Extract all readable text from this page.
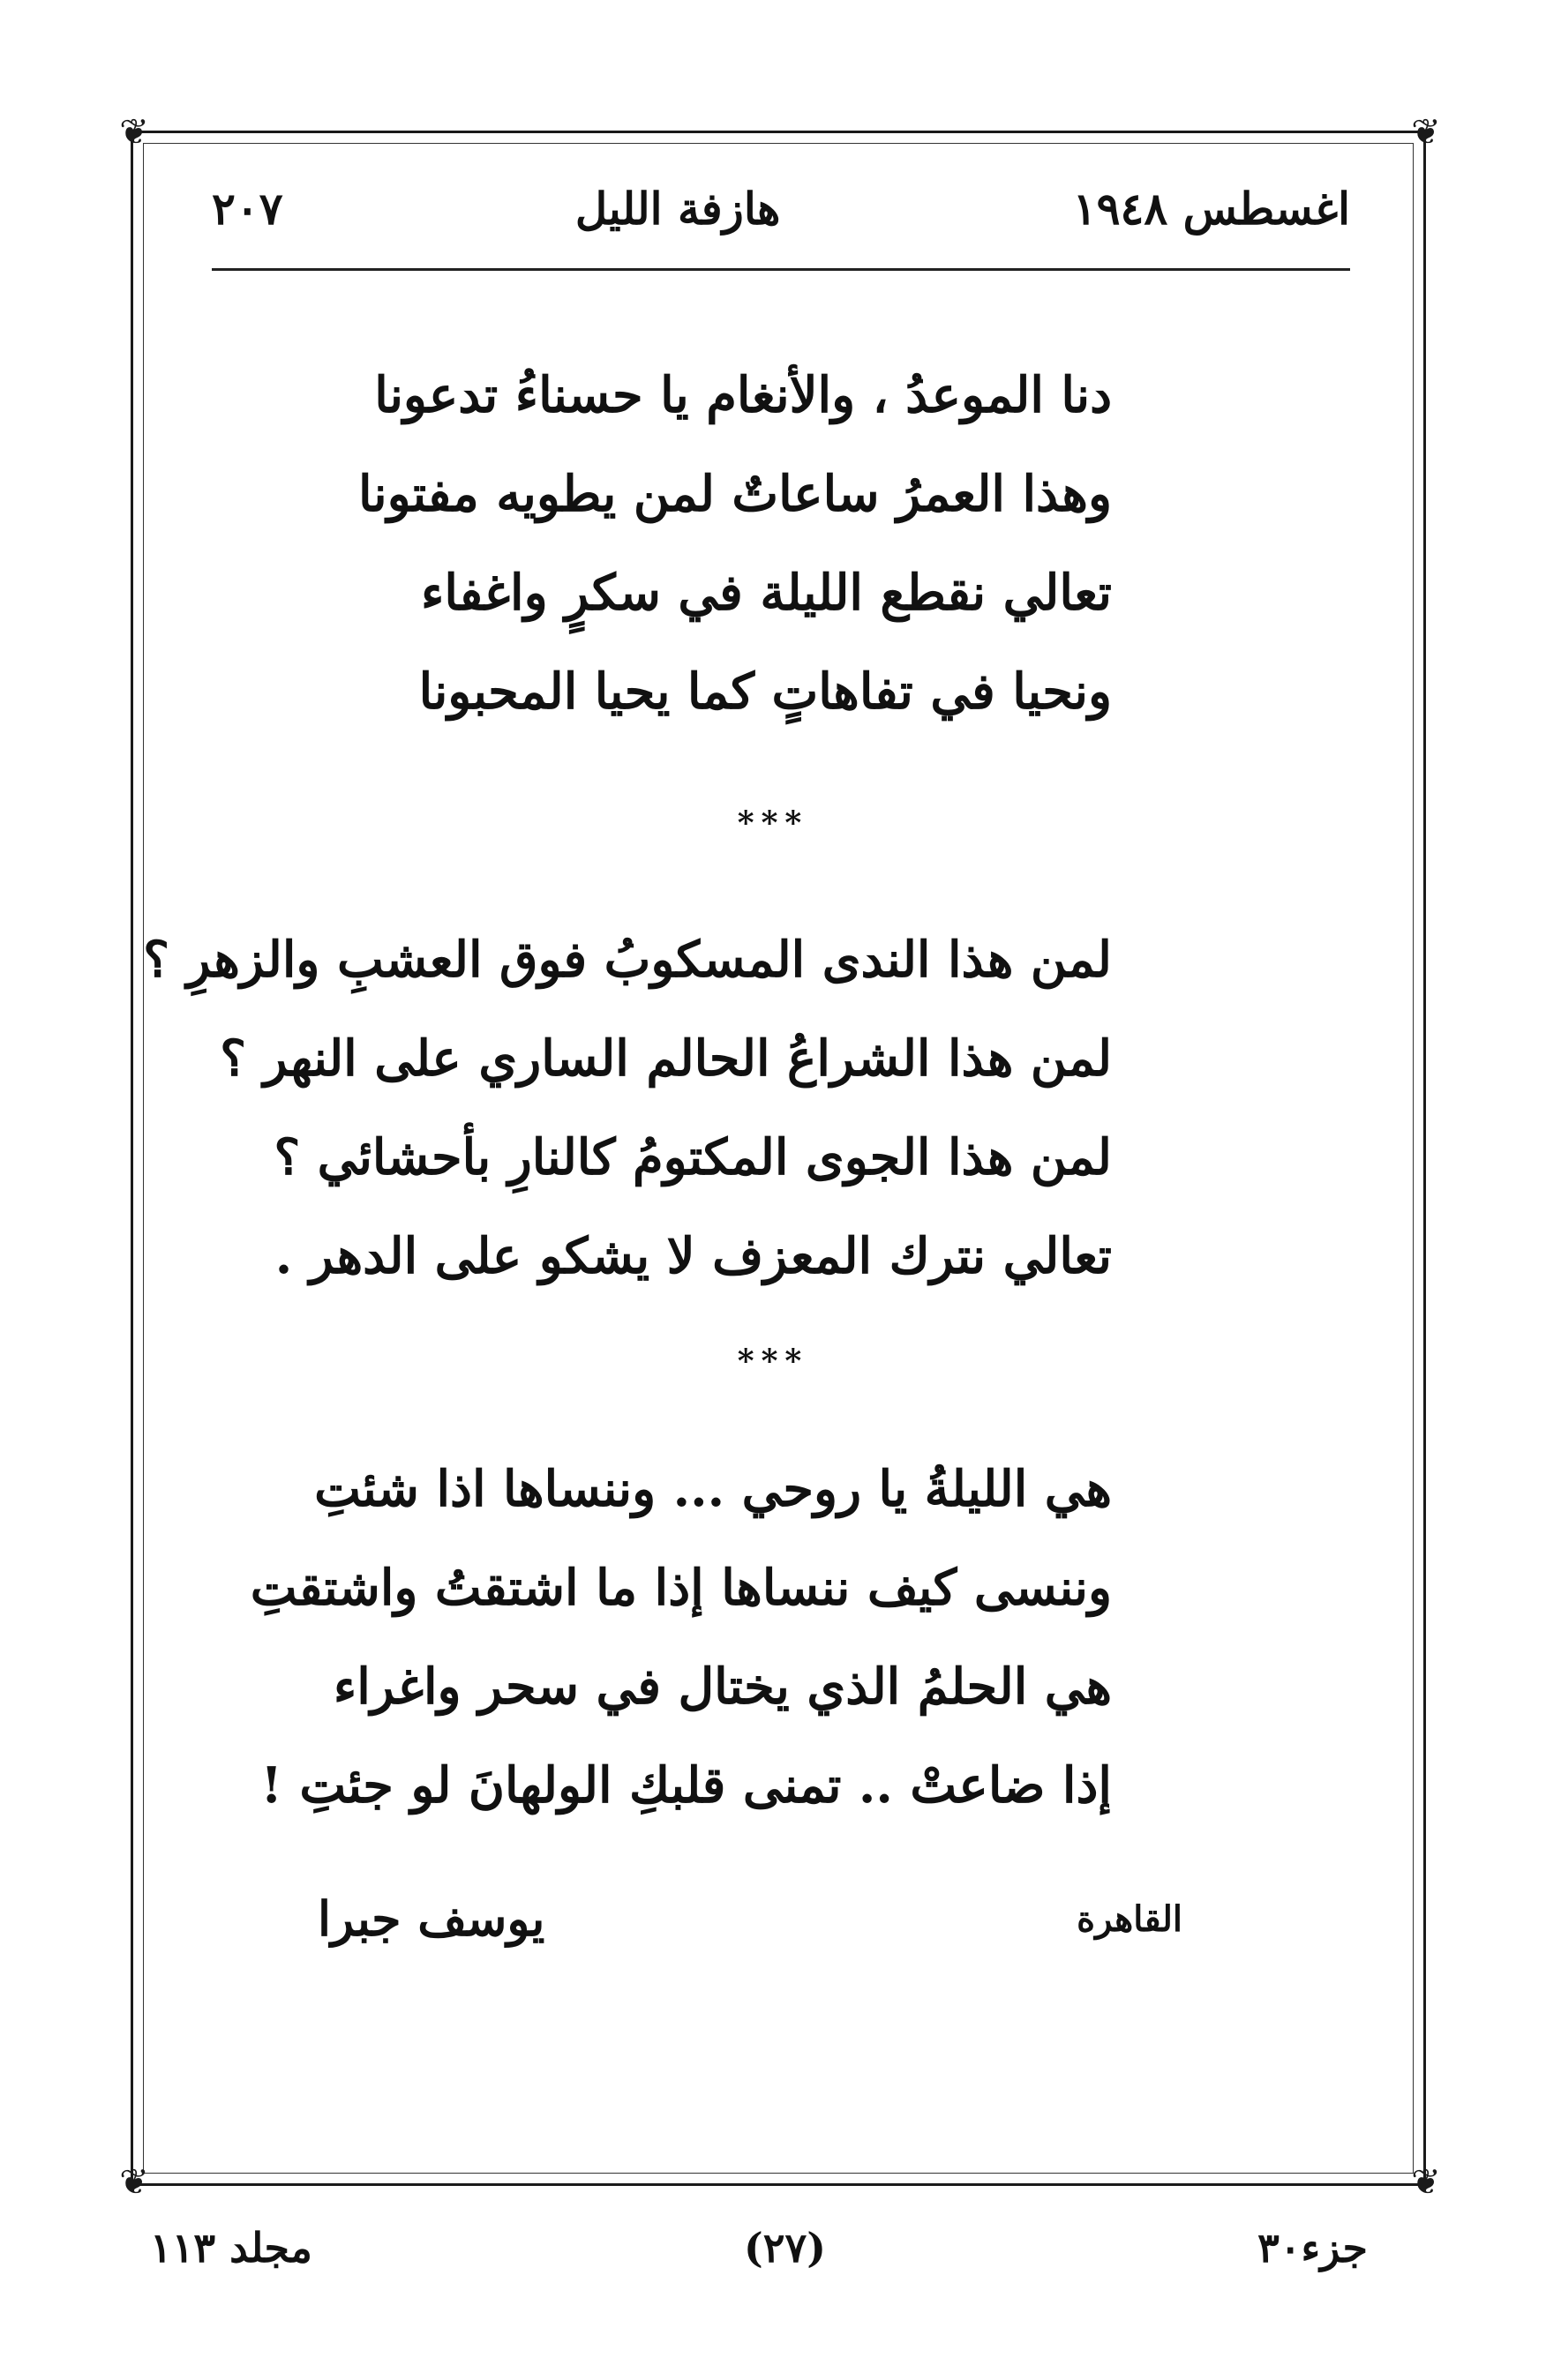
❦	❦
❦	❦
اغسطس ١٩٤٨
هازفة الليل
٢٠٧
دنا الموعدُ ، والأنغام يا حسناءُ تدعونا
وهذا العمرُ ساعاتٌ لمن يطويه مفتونا
تعالي نقطع الليلة في سكرٍ واغفاء
ونحيا في تفاهاتٍ كما يحيا المحبونا
***
لمن هذا الندى المسكوبُ فوق العشبِ والزهرِ ؟
لمن هذا الشراعُ الحالم الساري على النهر ؟
لمن هذا الجوى المكتومُ كالنارِ بأحشائي ؟
تعالي نترك المعزف لا يشكو على الدهر .
***
هي الليلةُ يا روحي ... وننساها اذا شئتِ
وننسى كيف ننساها إذا ما اشتقتُ واشتقتِ
هي الحلمُ الذي يختال في سحر واغراء
إذا ضاعتْ .. تمنى قلبكِ الولهانَ لو جئتِ !
القاهرة
يوسف جبرا
جزء٣٠
(٢٧)
مجلد ١١٣
